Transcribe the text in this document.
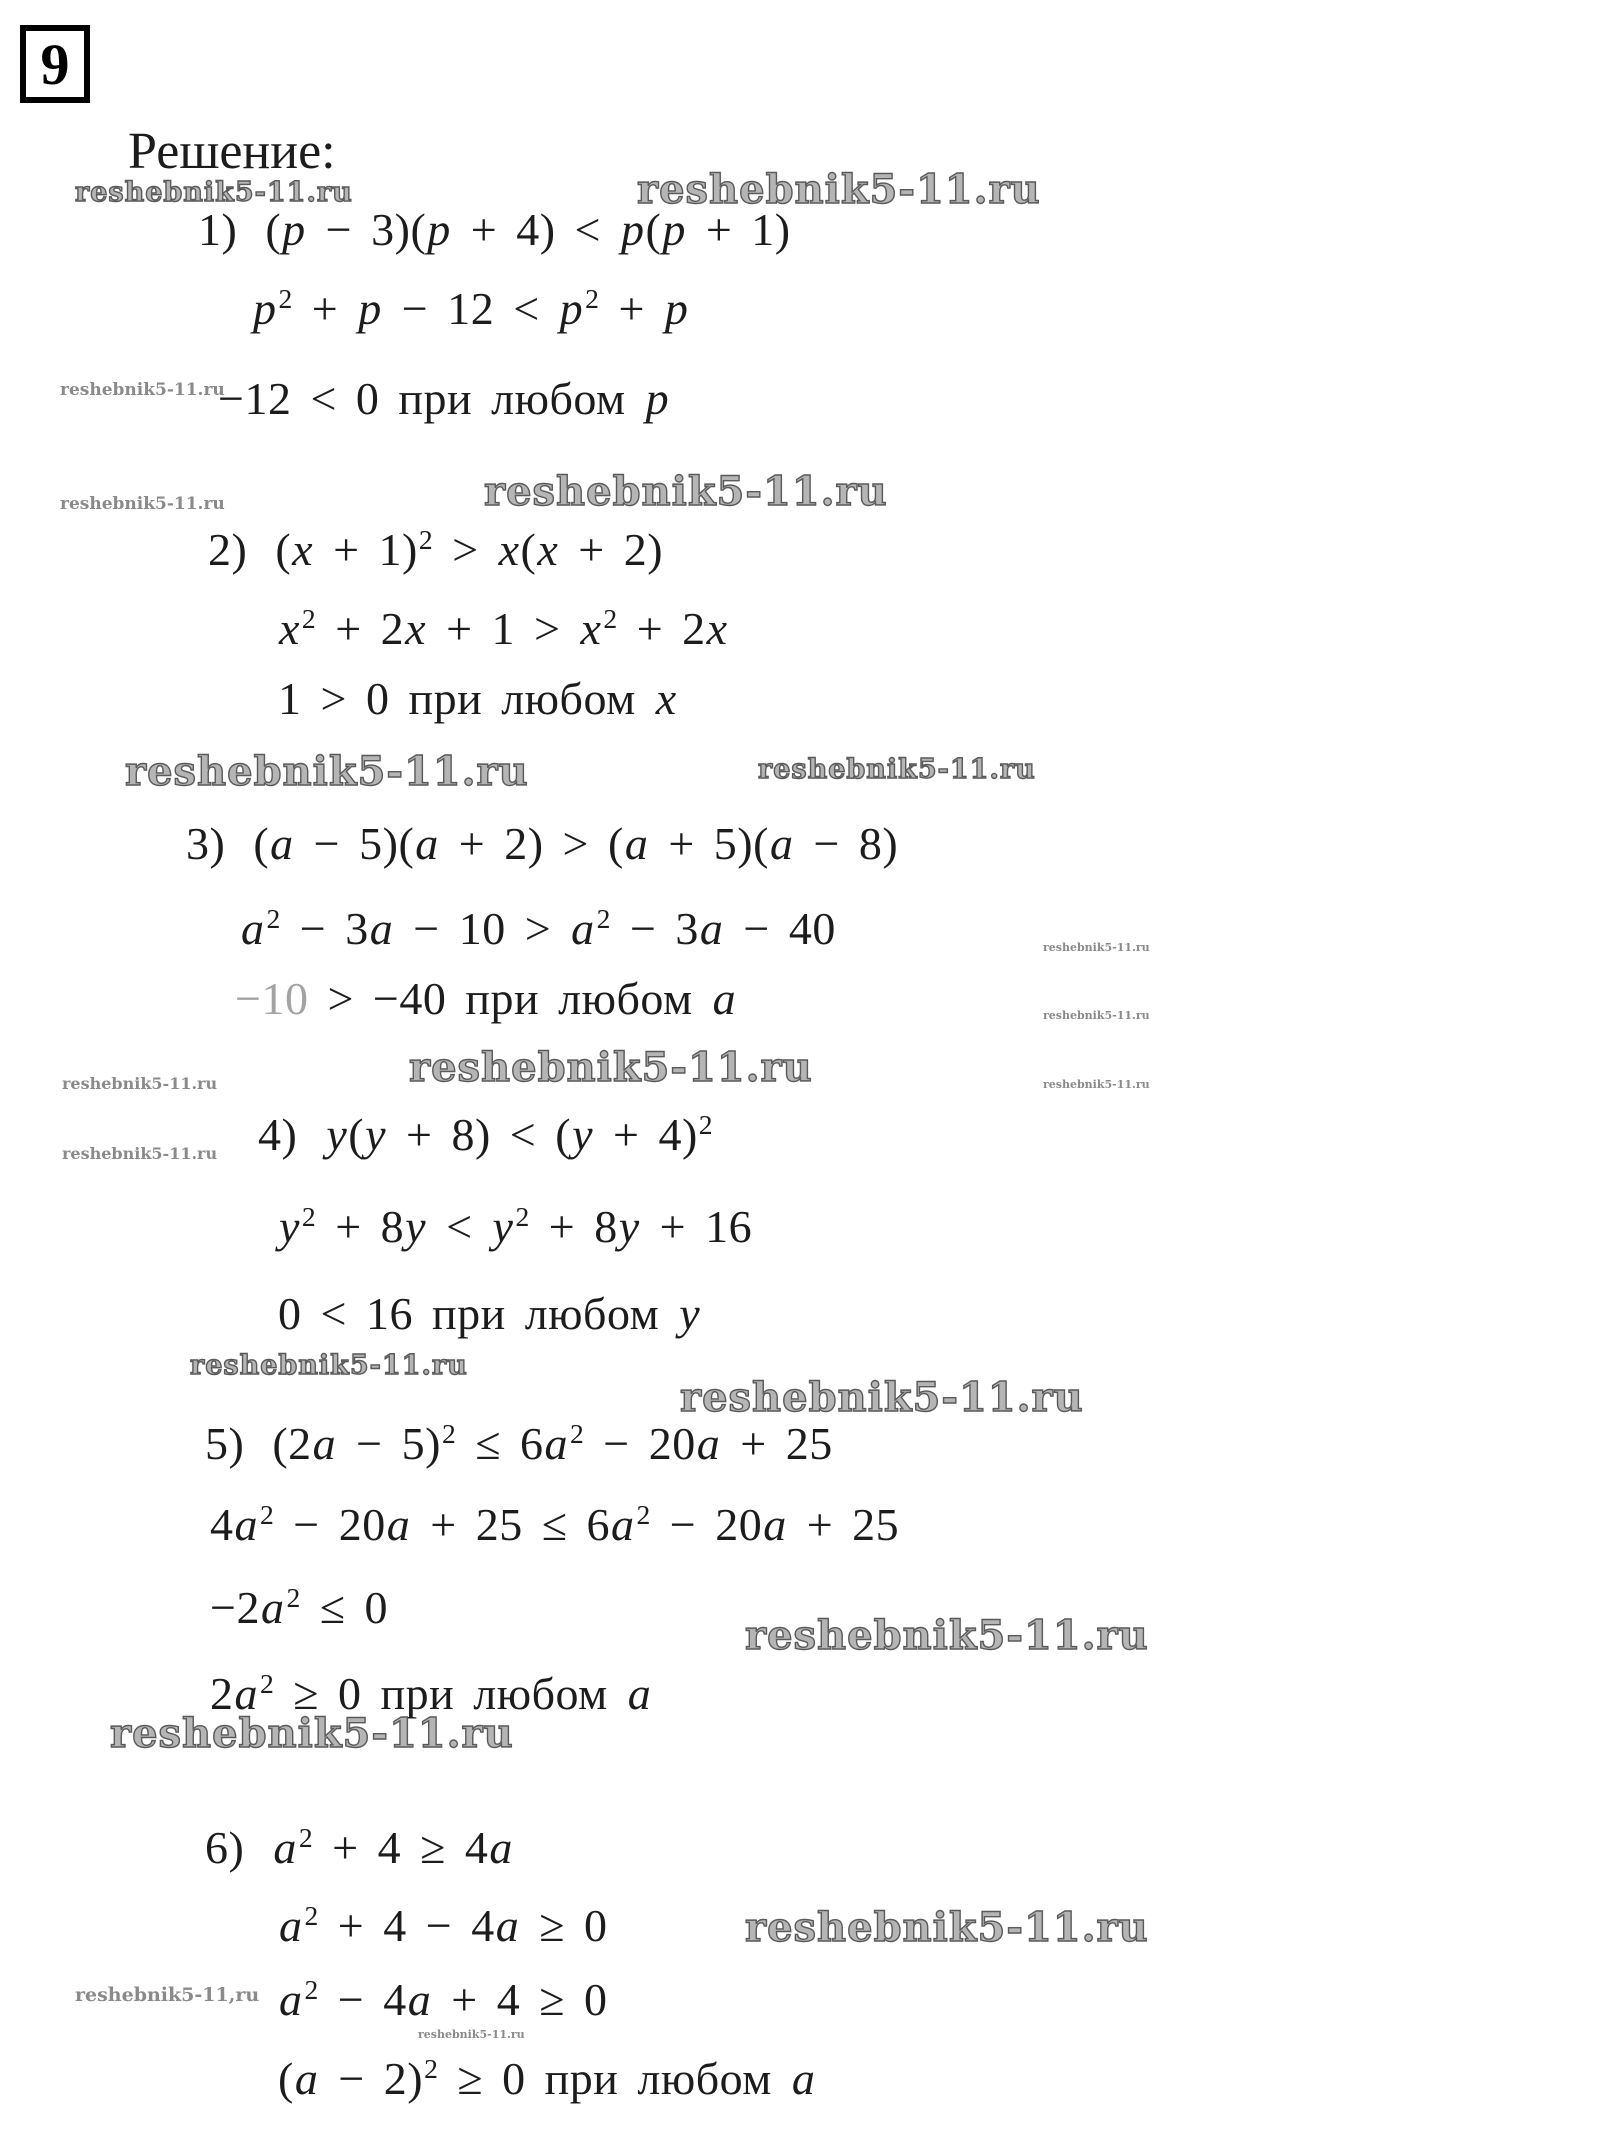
9
Решение:
1) (p − 3)(p + 4) < p(p + 1)
$p^2 + p - 12 < p^2 + p$
−12 < 0 при любом p
2) $(x + 1)^2 > x(x + 2)$
$x^2 + 2x + 1 > x^2 + 2x$
1 > 0 при любом x
3) (a − 5)(a + 2) > (a + 5)(a − 8)
$a^2 - 3a - 10 > a^2 - 3a - 40$
−10 > −40 при любом a
4) $y(y + 8) < (y + 4)^2$
$y^2 + 8y < y^2 + 8y + 16$
0 < 16 при любом y
5) $(2a - 5)^2 \le 6a^2 - 20a + 25$
$4a^2 - 20a + 25 \le 6a^2 - 20a + 25$
$-2a^2 \le 0$
$2a^2 \ge 0$ при любом a
6) $a^2 + 4 \ge 4a$
$a^2 + 4 - 4a \ge 0$
$a^2 - 4a + 4 \ge 0$
$(a - 2)^2 \ge 0$ при любом a
reshebnik5-11.ru	reshebnik5-11.ru
reshebnik5-11.ru
reshebnik5-11.ru	reshebnik5-11.ru
reshebnik5-11.ru	reshebnik5-11.ru
reshebnik5-11.ru
reshebnik5-11.ru
reshebnik5-11.ru	reshebnik5-11.ru
reshebnik5-11.ru
reshebnik5-11.ru
reshebnik5-11.ru
reshebnik5-11.ru
reshebnik5-11.ru
reshebnik5-11.ru
reshebnik5-11.ru
reshebnik5-11,ru
reshebnik5-11.ru
